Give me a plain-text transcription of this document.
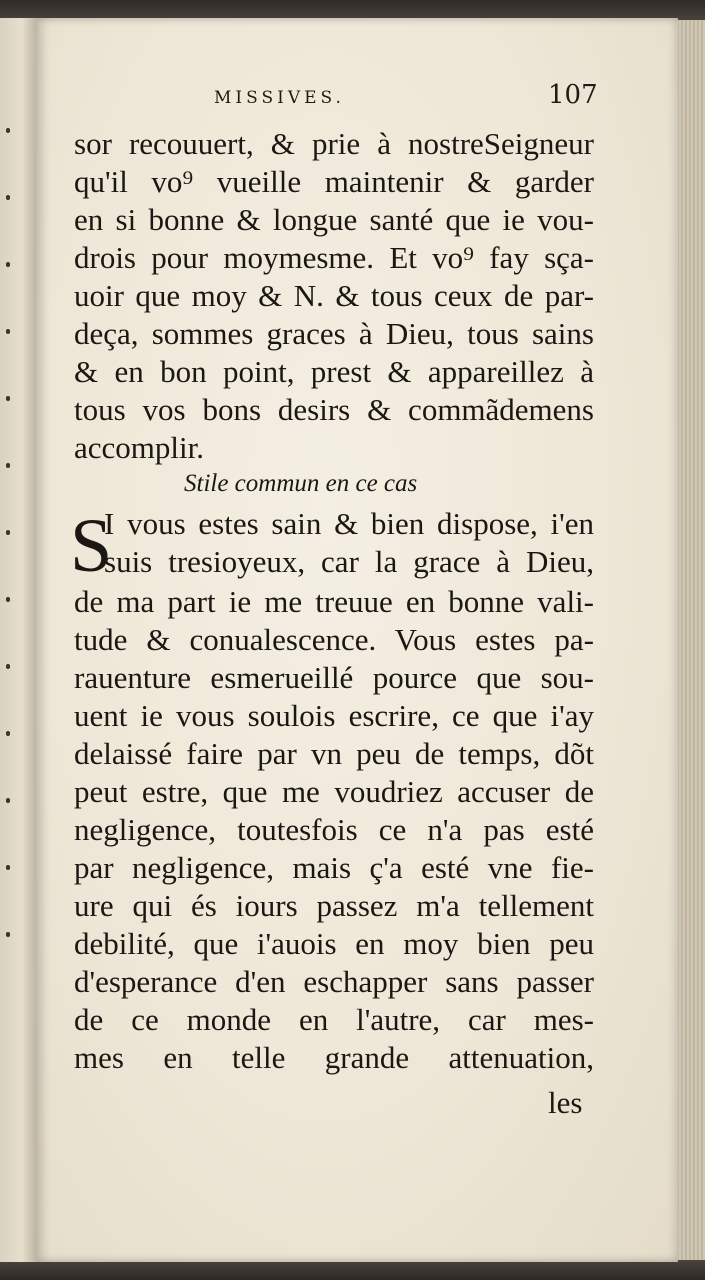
MISSIVES.	107
sor recouuert, & prie à nostreSeigneur
qu'il vo⁹ vueille maintenir & garder
en si bonne & longue santé que ie vou-
drois pour moymesme. Et vo⁹ fay sça-
uoir que moy & N. & tous ceux de par-
deça, sommes graces à Dieu, tous sains
& en bon point, prest & appareillez à
tous vos bons desirs & commãdemens
accomplir.
Stile commun en ce cas
S
I vous estes sain & bien dispose, i'en
suis tresioyeux, car la grace à Dieu,
de ma part ie me treuue en bonne vali-
tude & conualescence. Vous estes pa-
rauenture esmerueillé pource que sou-
uent ie vous soulois escrire, ce que i'ay
delaissé faire par vn peu de temps, dõt
peut estre, que me voudriez accuser de
negligence, toutesfois ce n'a pas esté
par negligence, mais ç'a esté vne fie-
ure qui és iours passez m'a tellement
debilité, que i'auois en moy bien peu
d'esperance d'en eschapper sans passer
de ce monde en l'autre, car mes-
mes en telle grande attenuation,
les
